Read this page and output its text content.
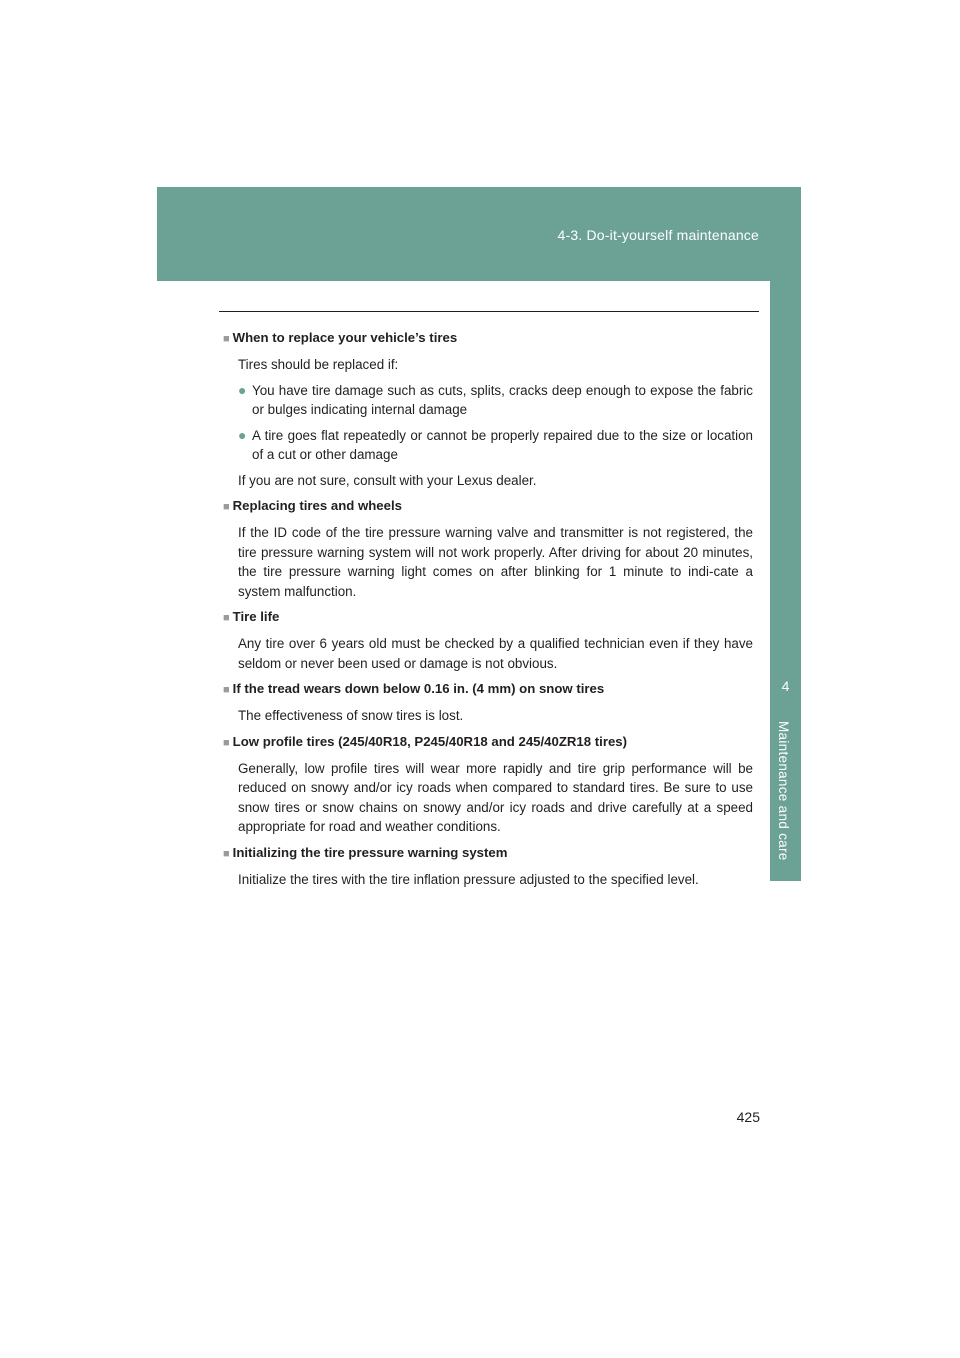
4-3. Do-it-yourself maintenance
4
Maintenance and care
■ When to replace your vehicle’s tires

Tires should be replaced if:

● You have tire damage such as cuts, splits, cracks deep enough to expose the fabric or bulges indicating internal damage
● A tire goes flat repeatedly or cannot be properly repaired due to the size or location of a cut or other damage

If you are not sure, consult with your Lexus dealer.

■ Replacing tires and wheels

If the ID code of the tire pressure warning valve and transmitter is not registered, the tire pressure warning system will not work properly. After driving for about 20 minutes, the tire pressure warning light comes on after blinking for 1 minute to indi-cate a system malfunction.

■ Tire life

Any tire over 6 years old must be checked by a qualified technician even if they have seldom or never been used or damage is not obvious.

■ If the tread wears down below 0.16 in. (4 mm) on snow tires

The effectiveness of snow tires is lost.

■ Low profile tires (245/40R18, P245/40R18 and 245/40ZR18 tires)

Generally, low profile tires will wear more rapidly and tire grip performance will be reduced on snowy and/or icy roads when compared to standard tires. Be sure to use snow tires or snow chains on snowy and/or icy roads and drive carefully at a speed appropriate for road and weather conditions.

■ Initializing the tire pressure warning system

Initialize the tires with the tire inflation pressure adjusted to the specified level.

425
